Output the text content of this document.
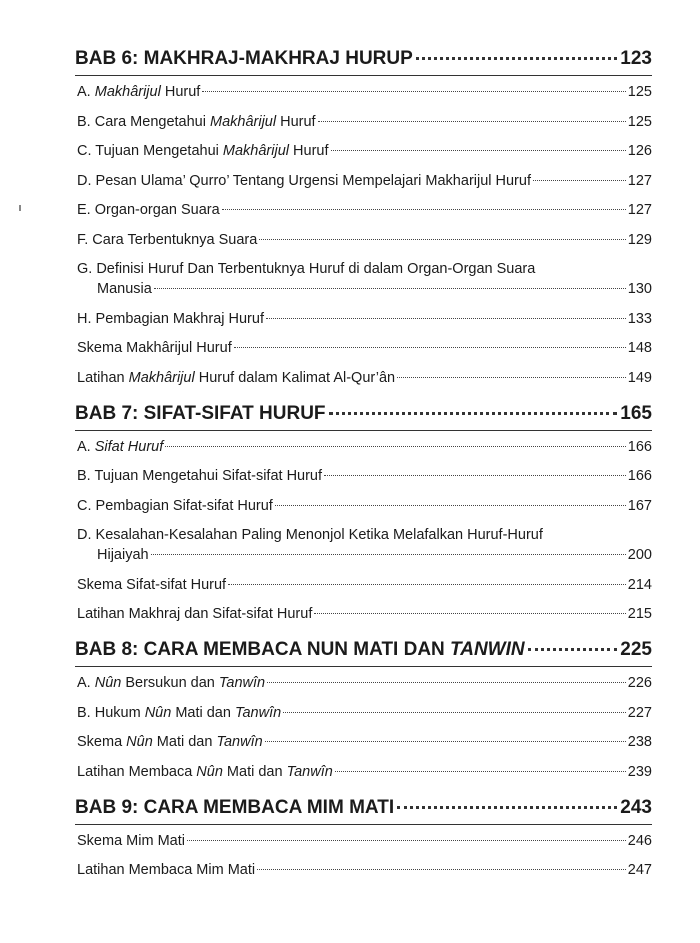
BAB 6: MAKHRAJ-MAKHRAJ HURUP	123
A. Makhârijul Huruf	125
B. Cara Mengetahui Makhârijul Huruf	125
C. Tujuan Mengetahui Makhârijul Huruf	126
D. Pesan Ulama’ Qurro’ Tentang Urgensi Mempelajari Makharijul Huruf	127
E. Organ-organ Suara	127
F. Cara Terbentuknya Suara	129
G. Definisi Huruf Dan Terbentuknya Huruf di dalam Organ-Organ Suara
Manusia	130
H. Pembagian Makhraj Huruf	133
Skema Makhârijul Huruf	148
Latihan Makhârijul Huruf dalam Kalimat Al-Qur’ân	149
BAB 7: SIFAT-SIFAT HURUF	165
A. Sifat Huruf	166
B. Tujuan Mengetahui Sifat-sifat Huruf	166
C. Pembagian Sifat-sifat Huruf	167
D. Kesalahan-Kesalahan Paling Menonjol Ketika Melafalkan Huruf-Huruf
Hijaiyah	200
Skema Sifat-sifat Huruf	214
Latihan Makhraj dan Sifat-sifat Huruf	215
BAB 8: CARA MEMBACA NUN MATI DAN TANWIN	225
A. Nûn Bersukun dan Tanwîn	226
B. Hukum Nûn Mati dan Tanwîn	227
Skema Nûn Mati dan Tanwîn	238
Latihan Membaca Nûn Mati dan Tanwîn	239
BAB 9: CARA MEMBACA MIM MATI	243
Skema Mim Mati	246
Latihan Membaca Mim Mati	247
